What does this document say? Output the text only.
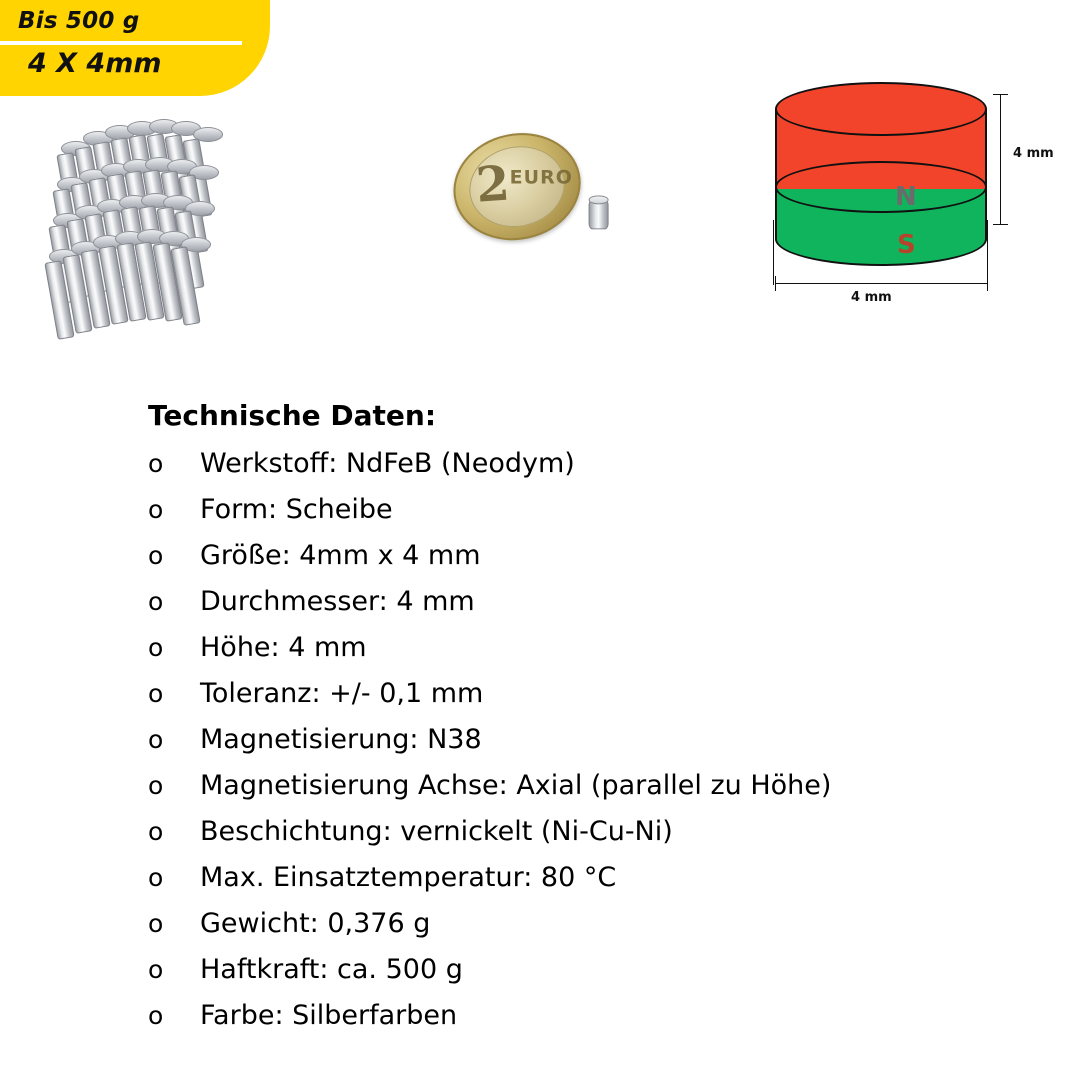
Bis 500 g
4 X 4mm
2
EURO
N
S
4 mm
4 mm
Technische Daten:
o	Werkstoff: NdFeB (Neodym)
o	Form: Scheibe
o	Größe: 4mm x 4 mm
o	Durchmesser: 4 mm
o	Höhe: 4 mm
o	Toleranz: +/- 0,1 mm
o	Magnetisierung: N38
o	Magnetisierung Achse: Axial (parallel zu Höhe)
o	Beschichtung: vernickelt (Ni-Cu-Ni)
o	Max. Einsatztemperatur: 80 °C
o	Gewicht: 0,376 g
o	Haftkraft: ca. 500 g
o	Farbe: Silberfarben
